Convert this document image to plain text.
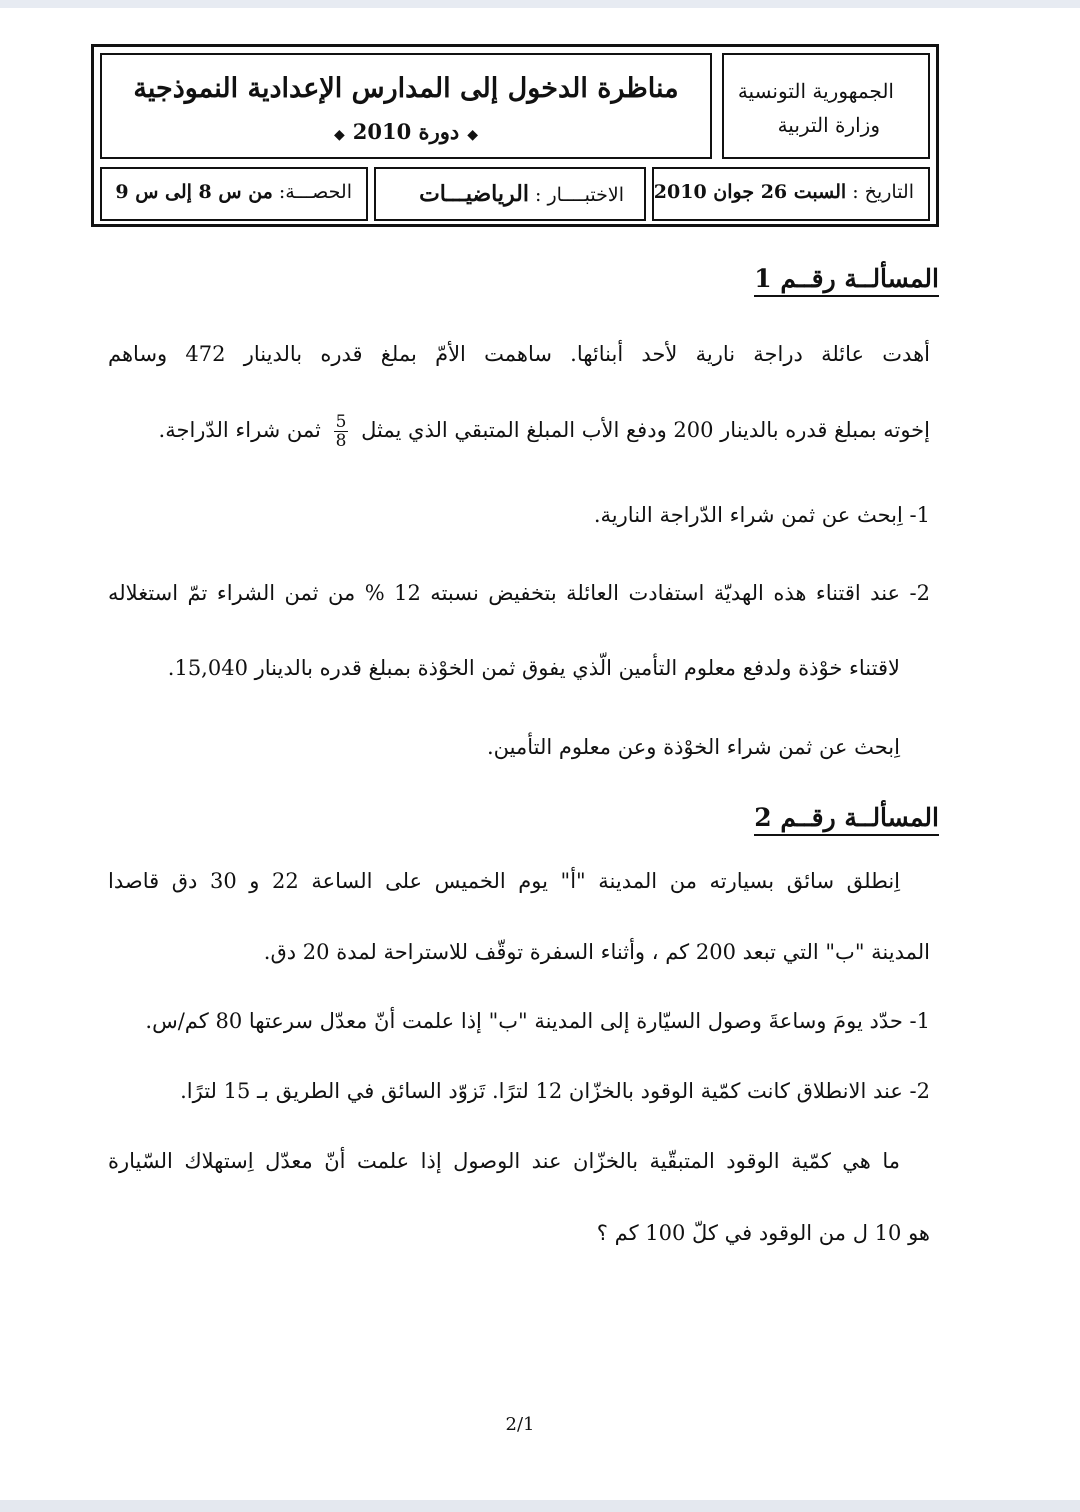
الجمهورية التونسية
وزارة التربية
مناظرة الدخول إلى المدارس الإعدادية النموذجية
◆دورة 2010◆
التاريخ : السبت 26 جوان 2010
الاختبــــار : الرياضيـــات
الحصـــة: من س 8 إلى س 9
المسألــة رقــم 1
أهدت عائلة دراجة نارية لأحد أبنائها. ساهمت الأمّ بملغ قدره بالدينار 472 وساهم
إخوته بمبلغ قدره بالدينار 200 ودفع الأب المبلغ المتبقي الذي يمثل
$\frac{5}{8}$
ثمن شراء الدّراجة.
1- اِبحث عن ثمن شراء الدّراجة النارية.
2- عند اقتناء هذه الهديّة استفادت العائلة بتخفيض نسبته 12 % من ثمن الشراء تمّ استغلاله
لاقتناء خوْذة ولدفع معلوم التأمين الّذي يفوق ثمن الخوْذة بمبلغ قدره بالدينار 15,040.
اِبحث عن ثمن شراء الخوْذة وعن معلوم التأمين.
المسألــة رقــم 2
اِنطلق سائق بسيارته من المدينة "أ" يوم الخميس على الساعة 22 و 30 دق قاصدا
المدينة "ب" التي تبعد 200 كم ، وأثناء السفرة توقّف للاستراحة لمدة 20 دق.
1- حدّد يومَ وساعةَ وصول السيّارة إلى المدينة "ب" إذا علمت أنّ معدّل سرعتها 80 كم/س.
2- عند الانطلاق كانت كمّية الوقود بالخزّان 12 لترًا. تَزوّد السائق في الطريق بـ 15 لترًا.
ما هي كمّية الوقود المتبقّية بالخزّان عند الوصول إذا علمت أنّ معدّل اِستهلاك السّيارة
هو 10 ل من الوقود في كلّ 100 كم ؟
2/1
